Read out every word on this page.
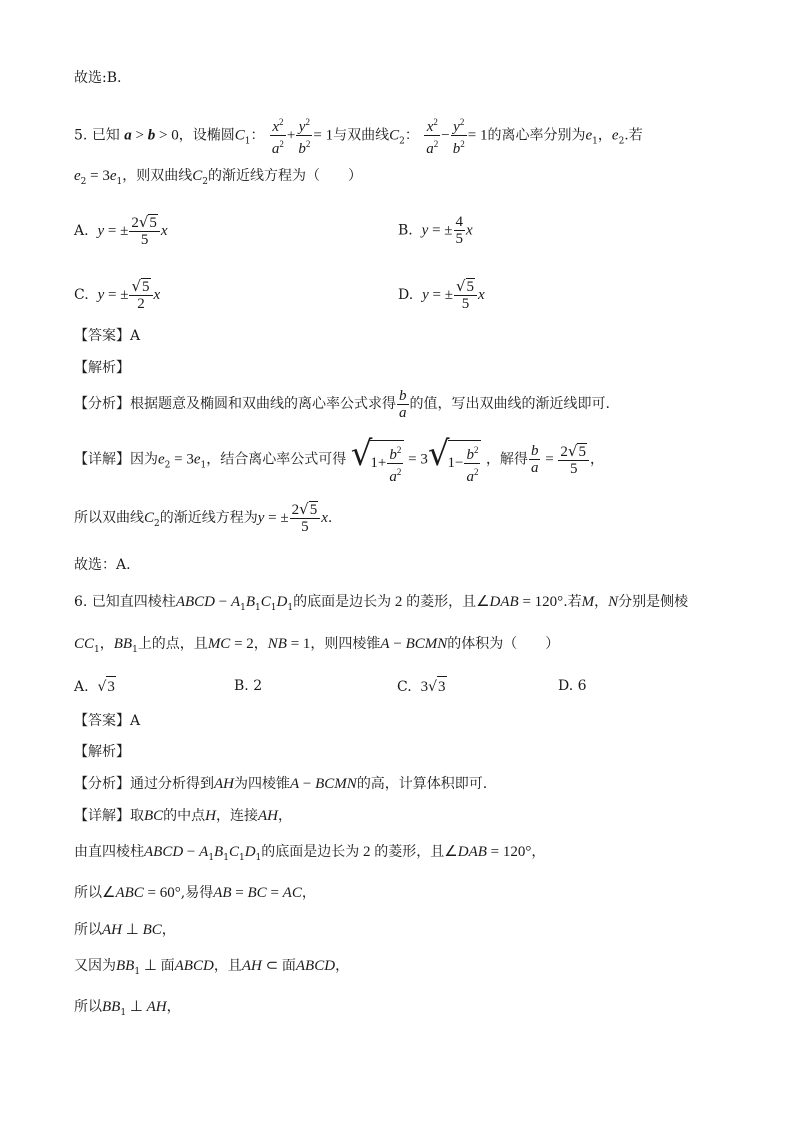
故选:B.
5. 已知 a > b > 0，设椭圆$C_1$： $\frac{x^2}{a^2} + \frac{y^2}{b^2} = 1$与双曲线$C_2$： $\frac{x^2}{a^2} - \frac{y^2}{b^2} = 1$的离心率分别为$e_1$，$e_2$.若
$e_2 = 3e_1$，则双曲线$C_2$的渐近线方程为（　　）
A. y = ± $\frac{2√5}{5}$ x	B. y = ± $\frac{4}{5}$ x
C. y = ± $\frac{√5}{2}$ x	D. y = ± $\frac{√5}{5}$ x
【答案】A
【解析】
【分析】根据题意及椭圆和双曲线的离心率公式求得 $\frac{b}{a}$ 的值，写出双曲线的渐近线即可.
【详解】因为$e_2 = 3e_1$，结合离心率公式可得 √
$1+ \frac{b^2}{a^2} = 3$ √
$1- \frac{b^2}{a^2}$ ，解得 $\frac{b}{a} = \frac{2√5}{5}$ ，
所以双曲线$C_2$的渐近线方程为y = ± $\frac{2√5}{5} x$.
故选：A.
6. 已知直四棱柱ABCD − $A_1B_1C_1D_1$的底面是边长为 2 的菱形，且∠DAB = 120°.若M，N分别是侧棱
$CC_1$，$BB_1$上的点，且MC = 2，NB = 1，则四棱锥A − BCMN的体积为（　　）
A. √3	B. 2	C. 3√3	D. 6
【答案】A
【解析】
【分析】通过分析得到AH为四棱锥A − BCMN的高，计算体积即可.
【详解】取BC的中点H，连接AH，
由直四棱柱ABCD − $A_1B_1C_1D_1$的底面是边长为 2 的菱形，且∠DAB = 120°，
所以∠ABC = 60°,易得AB = BC = AC，
所以AH ⊥ BC，
又因为$BB_1$ ⊥ 面ABCD，且AH ⊂ 面ABCD，
所以$BB_1$ ⊥ AH，
